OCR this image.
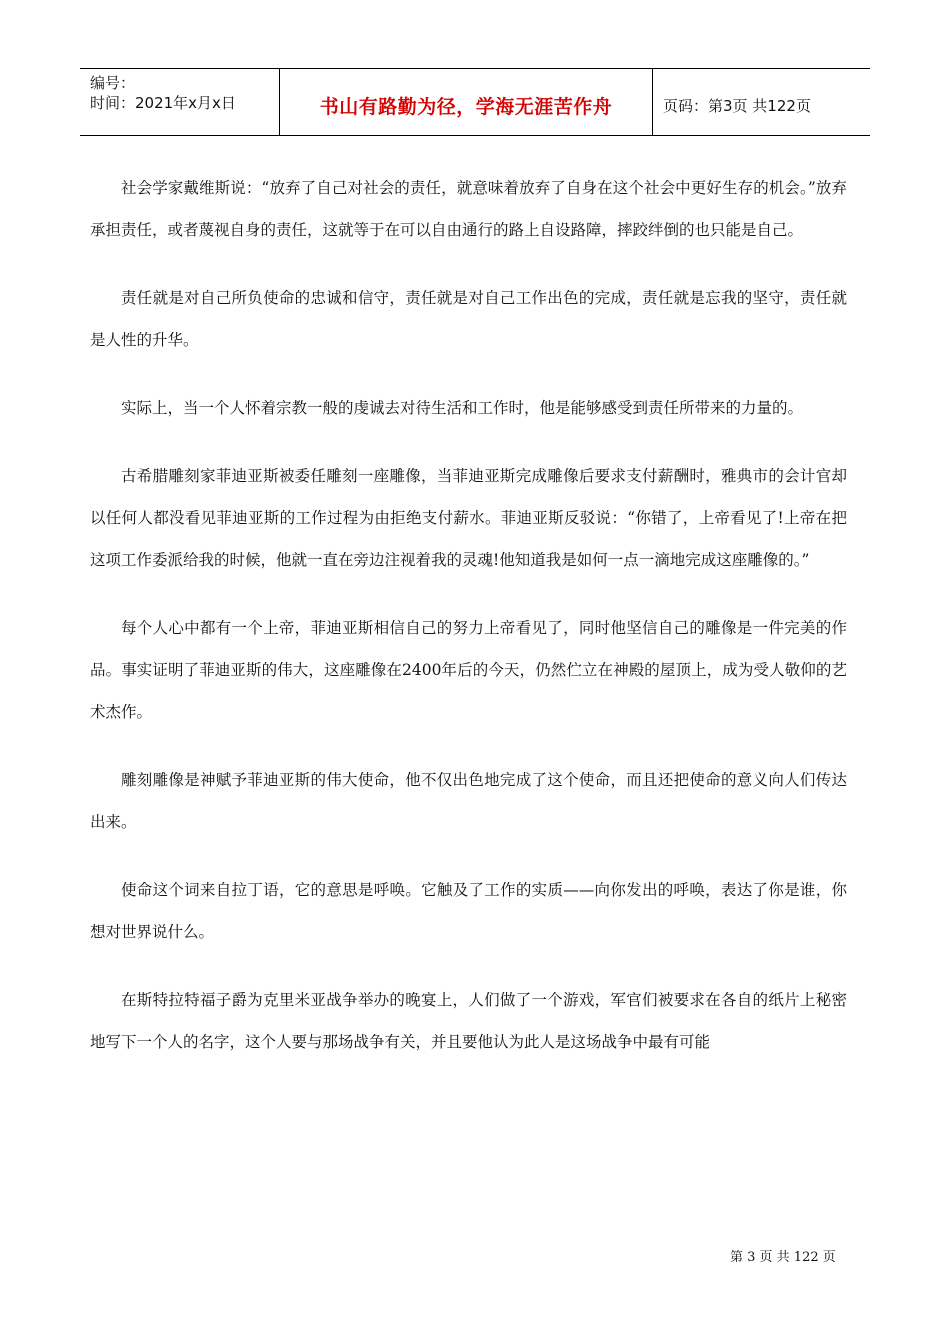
编号：
时间：2021年x月x日	书山有路勤为径，学海无涯苦作舟	页码：第3页 共122页

社会学家戴维斯说：“放弃了自己对社会的责任，就意味着放弃了自身在这个社会中更好生存的机会。”放弃承担责任，或者蔑视自身的责任，这就等于在可以自由通行的路上自设路障，摔跤绊倒的也只能是自己。

责任就是对自己所负使命的忠诚和信守，责任就是对自己工作出色的完成，责任就是忘我的坚守，责任就是人性的升华。

实际上，当一个人怀着宗教一般的虔诚去对待生活和工作时，他是能够感受到责任所带来的力量的。

古希腊雕刻家菲迪亚斯被委任雕刻一座雕像，当菲迪亚斯完成雕像后要求支付薪酬时，雅典市的会计官却以任何人都没看见菲迪亚斯的工作过程为由拒绝支付薪水。菲迪亚斯反驳说：“你错了，上帝看见了!上帝在把这项工作委派给我的时候，他就一直在旁边注视着我的灵魂!他知道我是如何一点一滴地完成这座雕像的。”

每个人心中都有一个上帝，菲迪亚斯相信自己的努力上帝看见了，同时他坚信自己的雕像是一件完美的作品。事实证明了菲迪亚斯的伟大，这座雕像在2400年后的今天，仍然伫立在神殿的屋顶上，成为受人敬仰的艺术杰作。

雕刻雕像是神赋予菲迪亚斯的伟大使命，他不仅出色地完成了这个使命，而且还把使命的意义向人们传达出来。

使命这个词来自拉丁语，它的意思是呼唤。它触及了工作的实质——向你发出的呼唤，表达了你是谁，你想对世界说什么。

在斯特拉特福子爵为克里米亚战争举办的晚宴上，人们做了一个游戏，军官们被要求在各自的纸片上秘密地写下一个人的名字，这个人要与那场战争有关，并且要他认为此人是这场战争中最有可能

第 3 页 共 122 页
